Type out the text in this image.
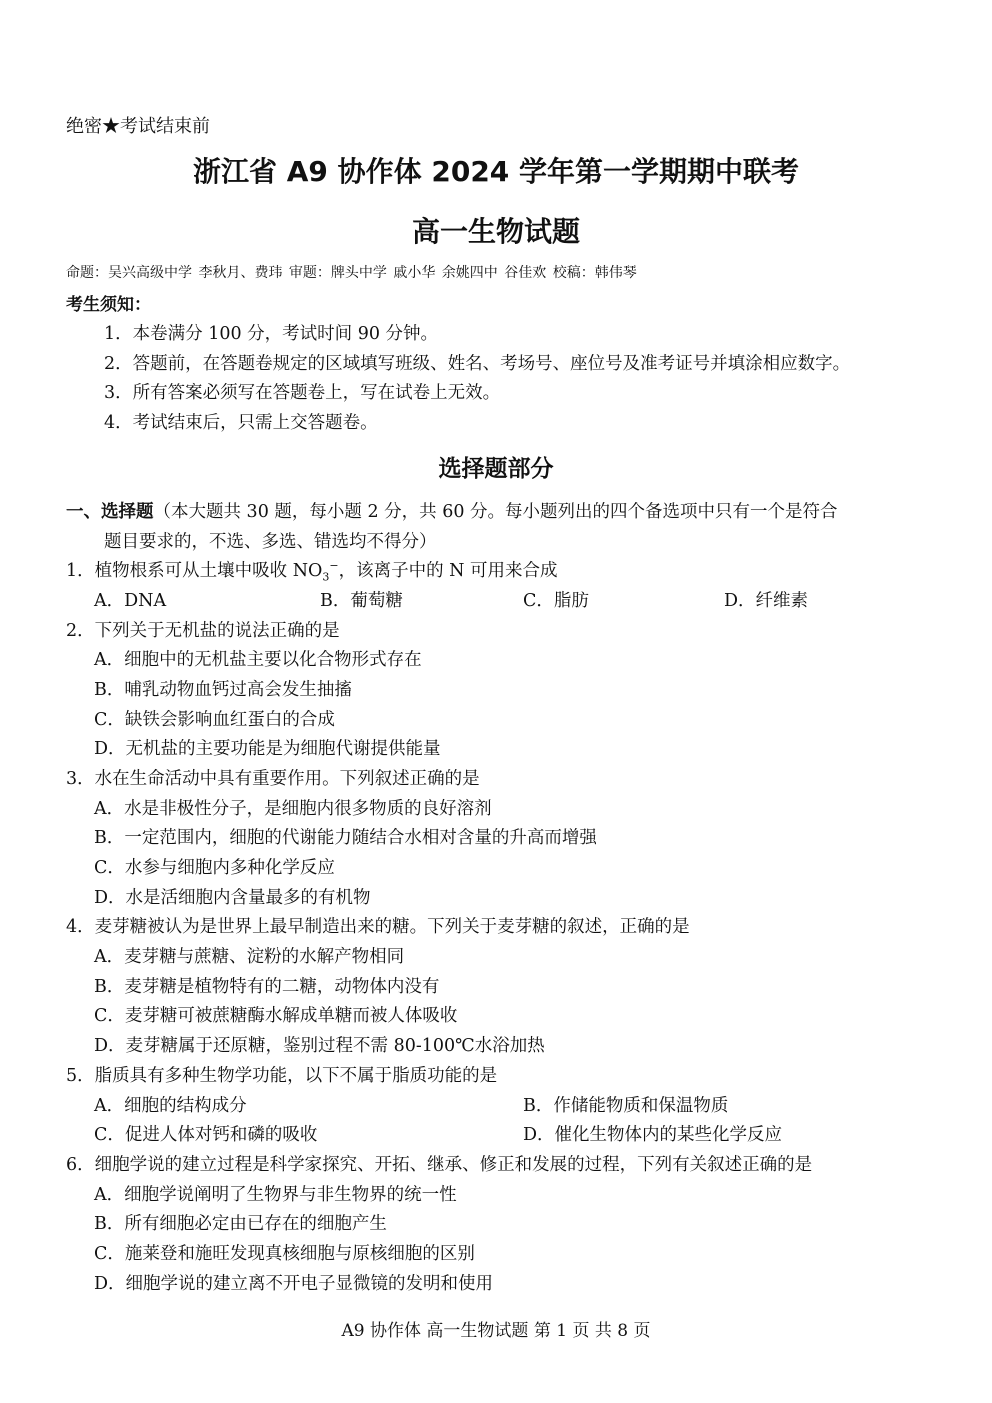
绝密★考试结束前
浙江省 A9 协作体 2024 学年第一学期期中联考
高一生物试题
命题：吴兴高级中学 李秋月、费玮 审题：牌头中学 戚小华 余姚四中 谷佳欢 校稿：韩伟琴
考生须知：
1．本卷满分 100 分，考试时间 90 分钟。
2．答题前，在答题卷规定的区域填写班级、姓名、考场号、座位号及准考证号并填涂相应数字。
3．所有答案必须写在答题卷上，写在试卷上无效。
4．考试结束后，只需上交答题卷。
选择题部分
一、选择题（本大题共 30 题，每小题 2 分，共 60 分。每小题列出的四个备选项中只有一个是符合
题目要求的，不选、多选、错选均不得分）
1．植物根系可从土壤中吸收 $NO_3^-$，该离子中的 N 可用来合成
A．DNA	B．葡萄糖	C．脂肪	D．纤维素
2．下列关于无机盐的说法正确的是
A．细胞中的无机盐主要以化合物形式存在
B．哺乳动物血钙过高会发生抽搐
C．缺铁会影响血红蛋白的合成
D．无机盐的主要功能是为细胞代谢提供能量
3．水在生命活动中具有重要作用。下列叙述正确的是
A．水是非极性分子，是细胞内很多物质的良好溶剂
B．一定范围内，细胞的代谢能力随结合水相对含量的升高而增强
C．水参与细胞内多种化学反应
D．水是活细胞内含量最多的有机物
4．麦芽糖被认为是世界上最早制造出来的糖。下列关于麦芽糖的叙述，正确的是
A．麦芽糖与蔗糖、淀粉的水解产物相同
B．麦芽糖是植物特有的二糖，动物体内没有
C．麦芽糖可被蔗糖酶水解成单糖而被人体吸收
D．麦芽糖属于还原糖，鉴别过程不需 80-100℃水浴加热
5．脂质具有多种生物学功能，以下不属于脂质功能的是
A．细胞的结构成分	B．作储能物质和保温物质
C．促进人体对钙和磷的吸收	D．催化生物体内的某些化学反应
6．细胞学说的建立过程是科学家探究、开拓、继承、修正和发展的过程，下列有关叙述正确的是
A．细胞学说阐明了生物界与非生物界的统一性
B．所有细胞必定由已存在的细胞产生
C．施莱登和施旺发现真核细胞与原核细胞的区别
D．细胞学说的建立离不开电子显微镜的发明和使用
A9 协作体 高一生物试题 第 1 页 共 8 页
